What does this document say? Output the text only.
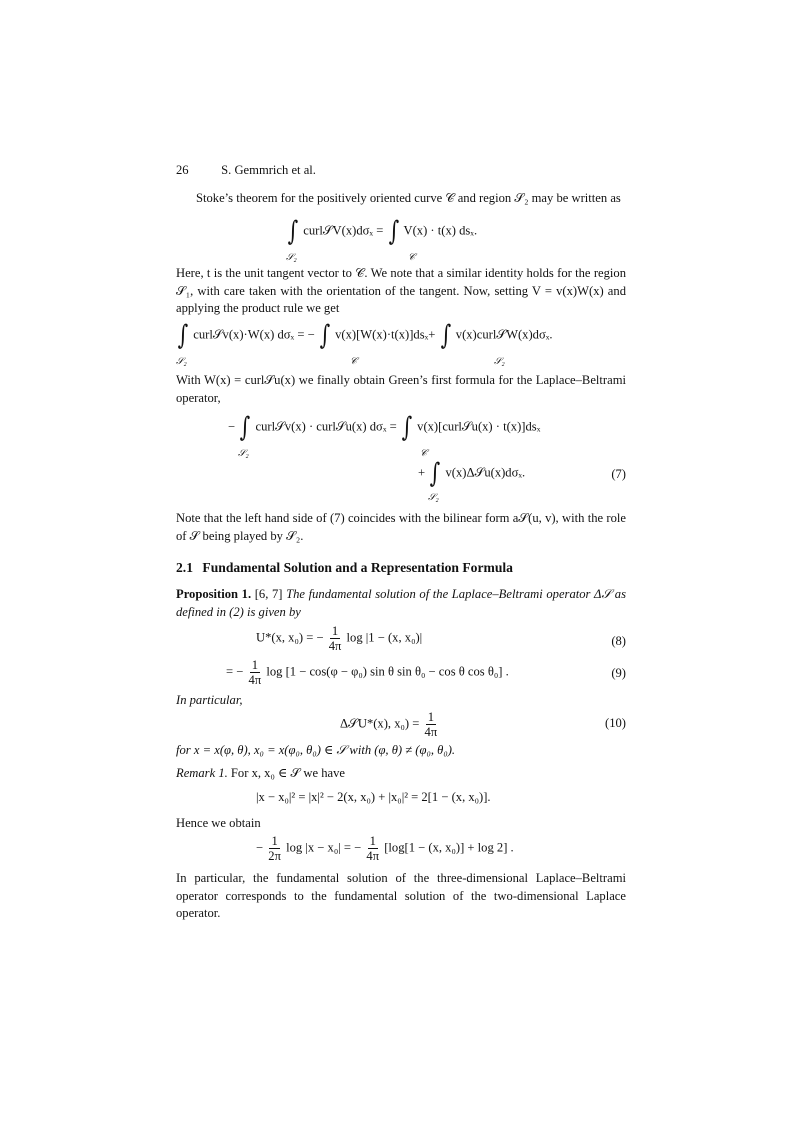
26	S. Gemmrich et al.
Stoke’s theorem for the positively oriented curve 𝒞 and region 𝒮₂ may be written as
∫ curl𝒮V(x)dσₓ = ∫ V(x) · t(x) dsₓ.
𝒮₂	𝒞
Here, t is the unit tangent vector to 𝒞. We note that a similar identity holds for the region 𝒮₁, with care taken with the orientation of the tangent. Now, setting V = v(x)W(x) and applying the product rule we get
∫ curl𝒮v(x)·W(x) dσₓ = − ∫ v(x)[W(x)·t(x)]dsₓ+ ∫ v(x)curl𝒮W(x)dσₓ.
𝒮₂	𝒞	𝒮₂
With W(x) = curl𝒮u(x) we finally obtain Green’s first formula for the Laplace–Beltrami operator,
− ∫ curl𝒮v(x) · curl𝒮u(x) dσₓ = ∫ v(x)[curl𝒮u(x) · t(x)]dsₓ
𝒮₂	𝒞
+ ∫ v(x)Δ𝒮u(x)dσₓ.
𝒮₂
(7)
Note that the left hand side of (7) coincides with the bilinear form a𝒮(u, v), with the role of 𝒮 being played by 𝒮₂.
2.1 Fundamental Solution and a Representation Formula
Proposition 1. [6, 7] The fundamental solution of the Laplace–Beltrami operator Δ𝒮 as defined in (2) is given by
U*(x, x₀) = − $\frac{1}{4\pi}$ log |1 − (x, x₀)|	(8)
= − $\frac{1}{4\pi}$ log [1 − cos(φ − φ₀) sin θ sin θ₀ − cos θ cos θ₀] .	(9)
In particular,
Δ𝒮U*(x), $x_0) = \frac{1}{4\pi}$	(10)
for x = x(φ, θ), x₀ = x(φ₀, θ₀) ∈ 𝒮 with (φ, θ) ≠ (φ₀, θ₀).
Remark 1. For x, x₀ ∈ 𝒮 we have
|x − x₀|² = |x|² − 2(x, x₀) + |x₀|² = 2[1 − (x, x₀)].
Hence we obtain
− $\frac{1}{2\pi}$ log |x − x₀| = − $\frac{1}{4\pi} [\log[1 - (x$, x₀)] + log 2] .
In particular, the fundamental solution of the three-dimensional Laplace–Beltrami operator corresponds to the fundamental solution of the two-dimensional Laplace operator.
